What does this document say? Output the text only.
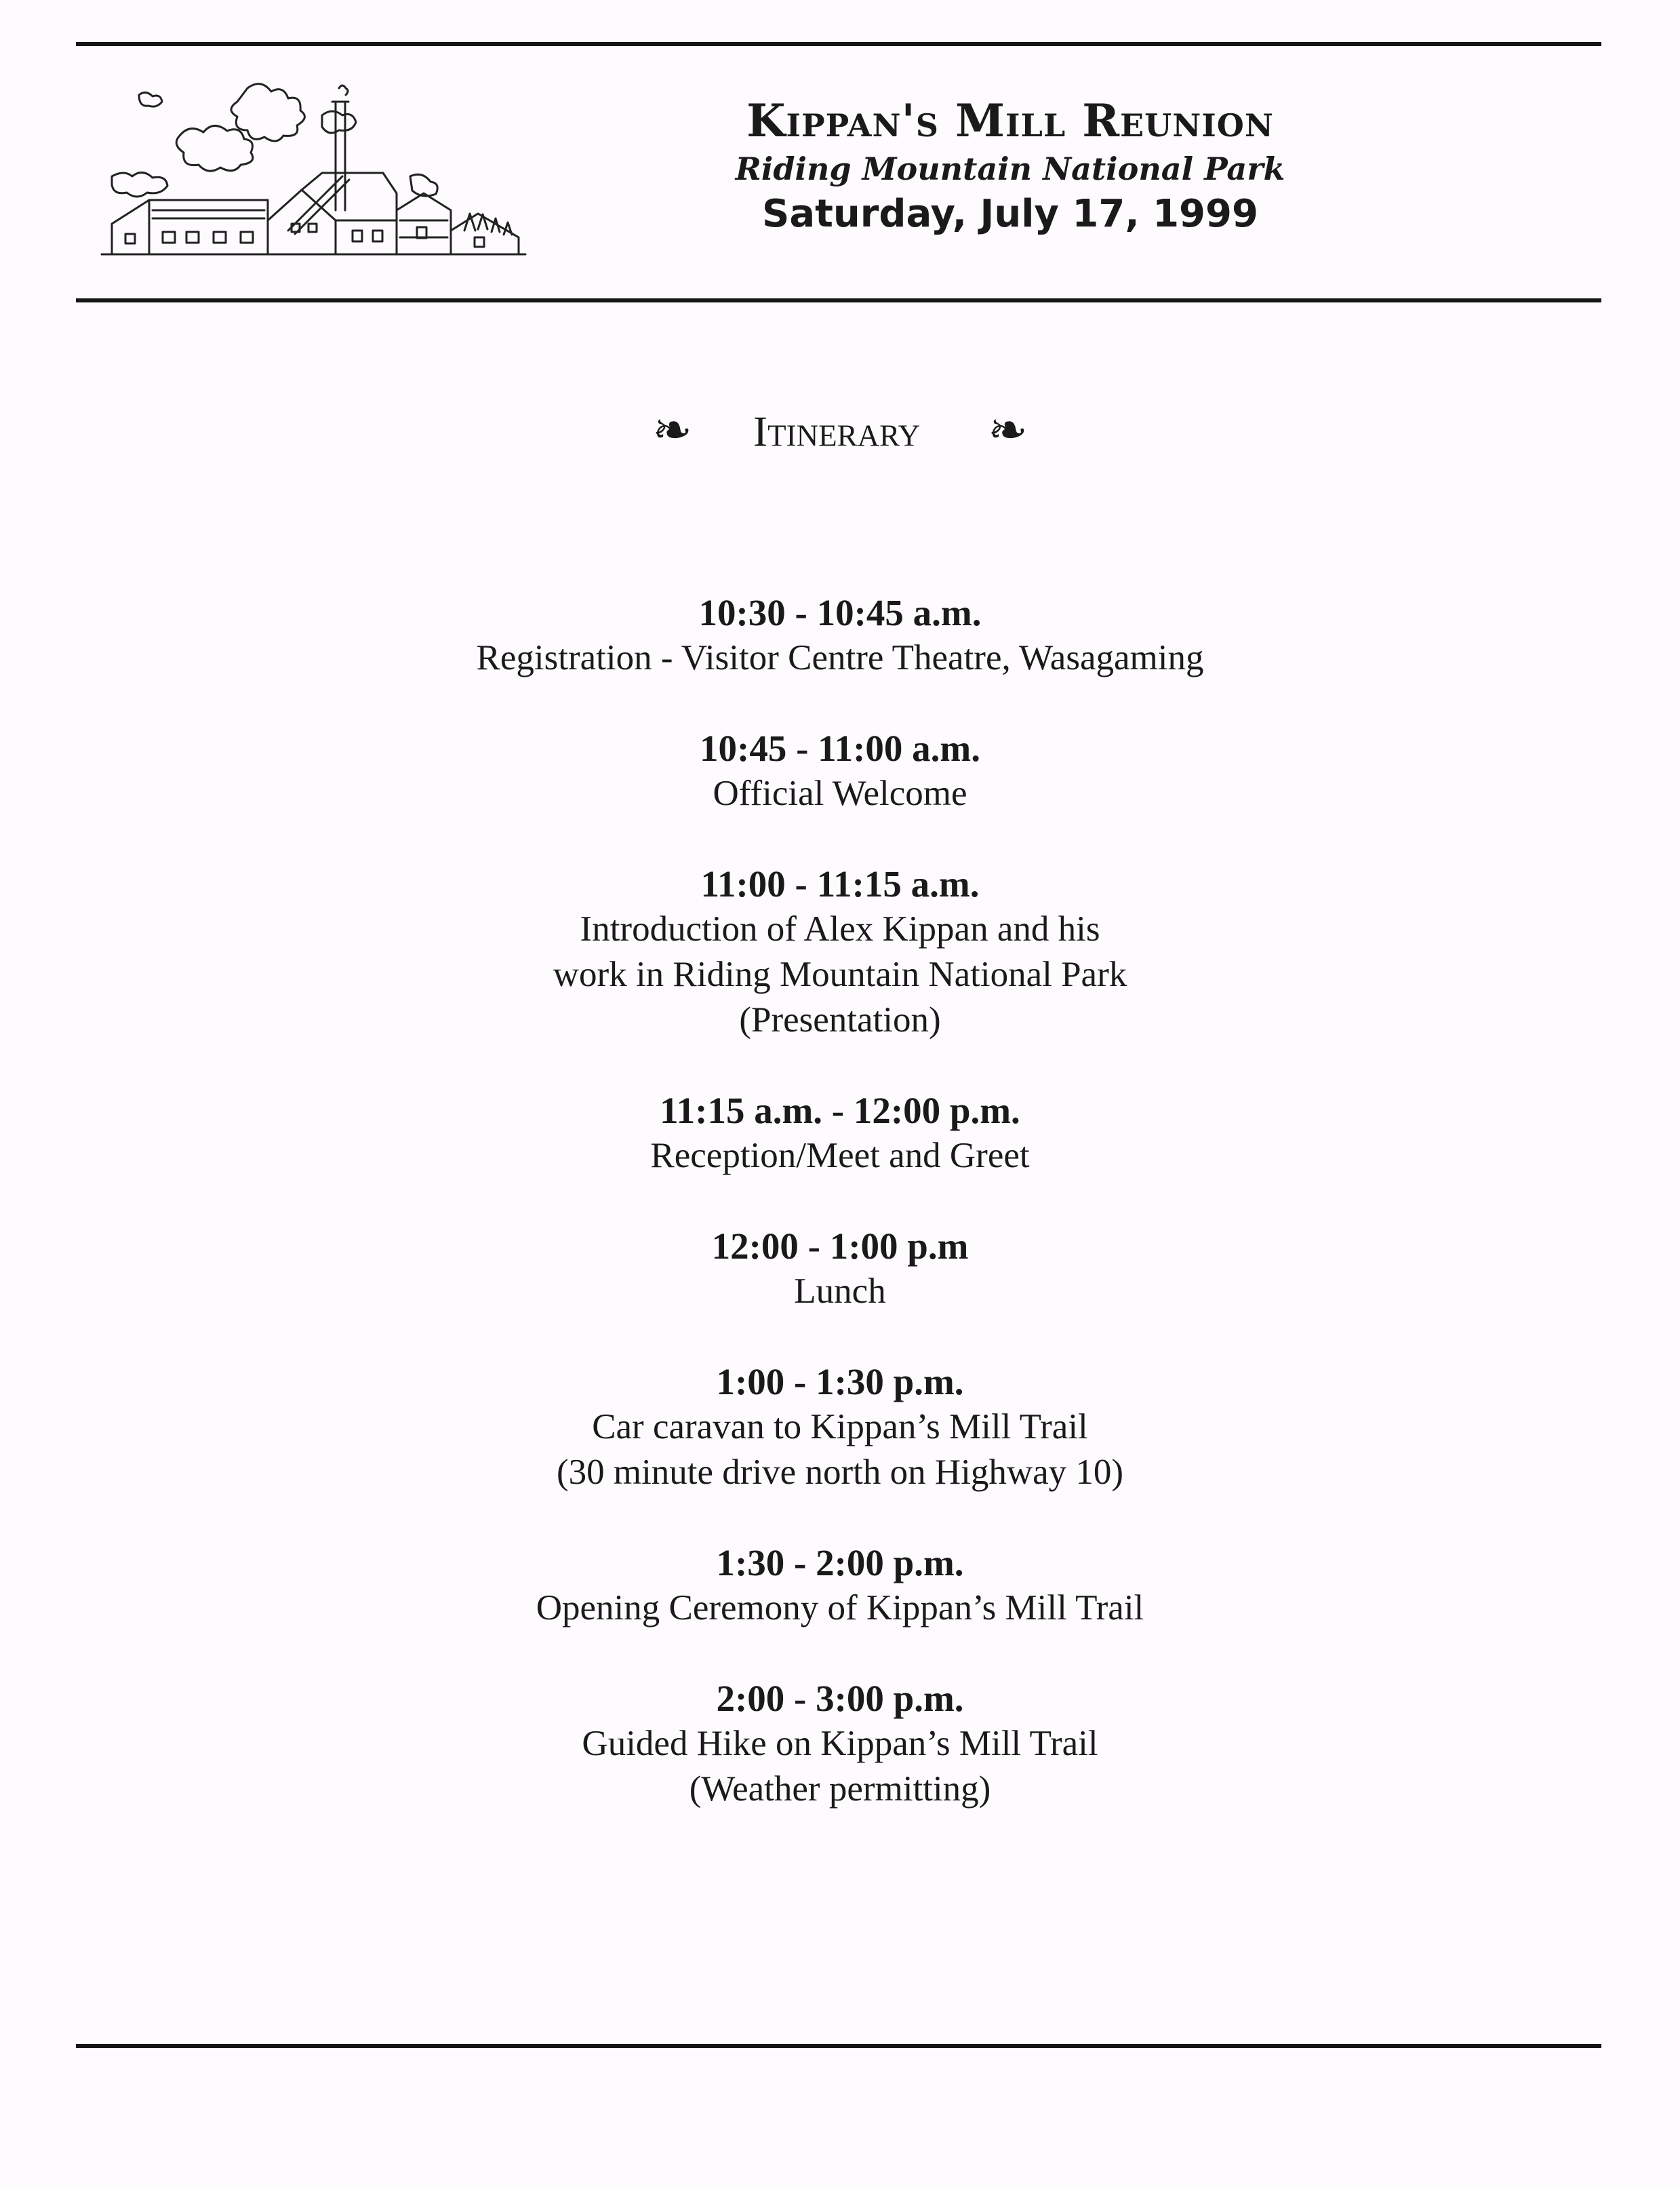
Kippan's Mill Reunion
Riding Mountain National Park
Saturday, July 17, 1999
❧ Itinerary ❧
10:30 - 10:45 a.m.
Registration - Visitor Centre Theatre, Wasagaming
10:45 - 11:00 a.m.
Official Welcome
11:00 - 11:15 a.m.
Introduction of Alex Kippan and his
work in Riding Mountain National Park
(Presentation)
11:15 a.m. - 12:00 p.m.
Reception/Meet and Greet
12:00 - 1:00 p.m
Lunch
1:00 - 1:30 p.m.
Car caravan to Kippan’s Mill Trail
(30 minute drive north on Highway 10)
1:30 - 2:00 p.m.
Opening Ceremony of Kippan’s Mill Trail
2:00 - 3:00 p.m.
Guided Hike on Kippan’s Mill Trail
(Weather permitting)
